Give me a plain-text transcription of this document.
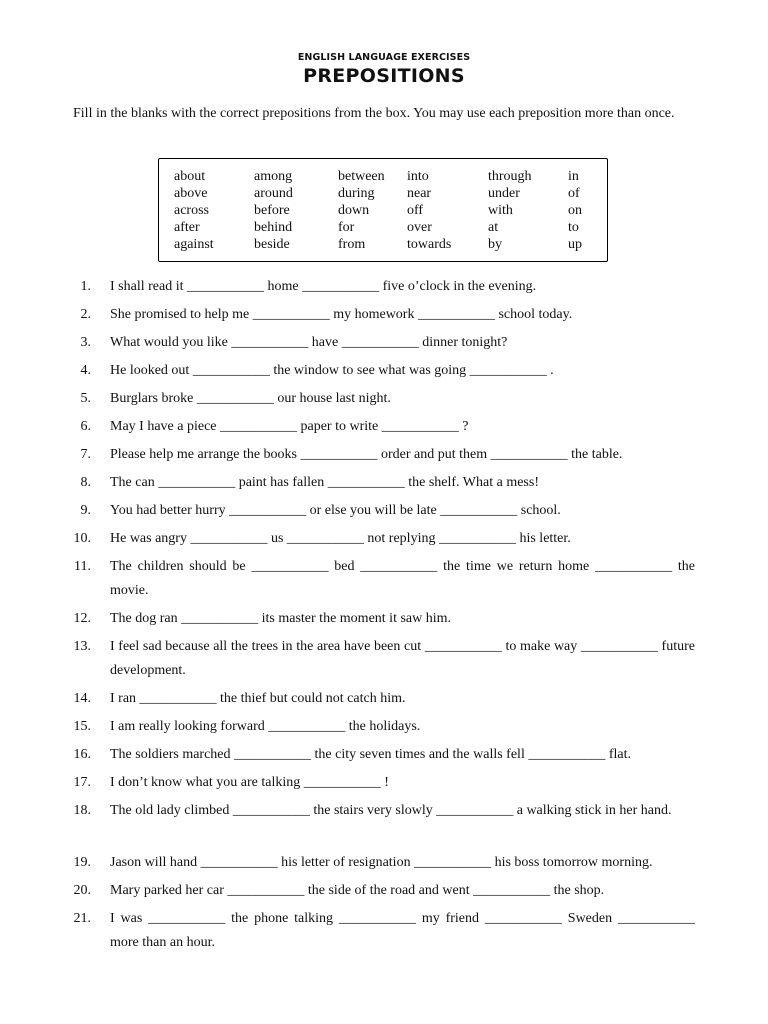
ENGLISH LANGUAGE EXERCISES
PREPOSITIONS
Fill in the blanks with the correct prepositions from the box. You may use each preposition more than once.
about
above
across
after
against
among
around
before
behind
beside
between
during
down
for
from
into
near
off
over
towards
through
under
with
at
by
in
of
on
to
up
1. I shall read it ___________ home ___________ five o’clock in the evening.
2. She promised to help me ___________ my homework ___________ school today.
3. What would you like ___________ have ___________ dinner tonight?
4. He looked out ___________ the window to see what was going ___________ .
5. Burglars broke ___________ our house last night.
6. May I have a piece ___________ paper to write ___________ ?
7. Please help me arrange the books ___________ order and put them ___________ the table.
8. The can ___________ paint has fallen ___________ the shelf. What a mess!
9. You had better hurry ___________ or else you will be late ___________ school.
10. He was angry ___________ us ___________ not replying ___________ his letter.
11. The children should be ___________ bed ___________ the time we return home ___________ the movie.
12. The dog ran ___________ its master the moment it saw him.
13. I feel sad because all the trees in the area have been cut ___________ to make way ___________ future development.
14. I ran ___________ the thief but could not catch him.
15. I am really looking forward ___________ the holidays.
16. The soldiers marched ___________ the city seven times and the walls fell ___________ flat.
17. I don’t know what you are talking ___________ !
18. The old lady climbed ___________ the stairs very slowly ___________ a walking stick in her hand.
19. Jason will hand ___________ his letter of resignation ___________ his boss tomorrow morning.
20. Mary parked her car ___________ the side of the road and went ___________ the shop.
21. I was ___________ the phone talking ___________ my friend ___________ Sweden ___________ more than an hour.
